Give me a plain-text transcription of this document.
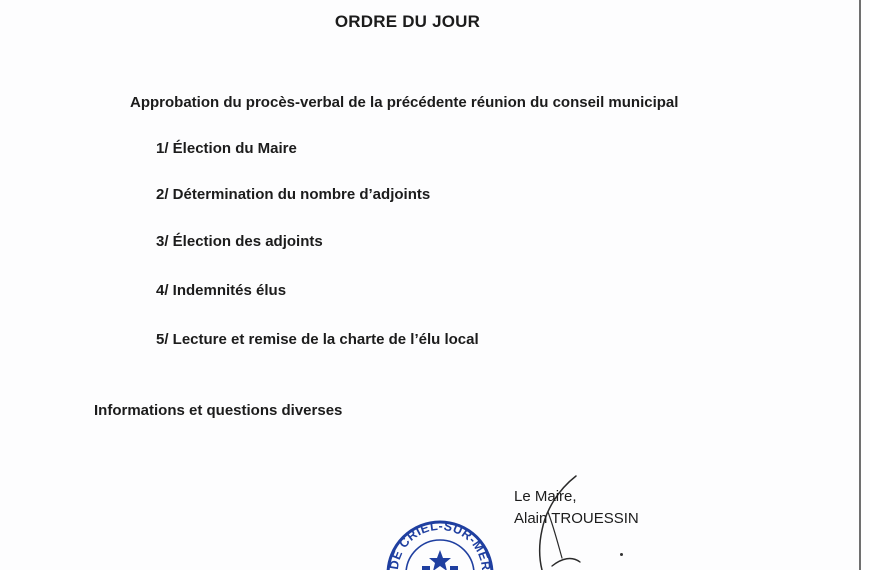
ORDRE DU JOUR
Approbation du procès-verbal de la précédente réunion du conseil municipal
1/ Élection du Maire
2/ Détermination du nombre d’adjoints
3/ Élection des adjoints
4/ Indemnités élus
5/ Lecture et remise de la charte de l’élu local
Informations et questions diverses
DE CRIEL-SUR-MER
Le Maire,
Alain TROUESSIN
